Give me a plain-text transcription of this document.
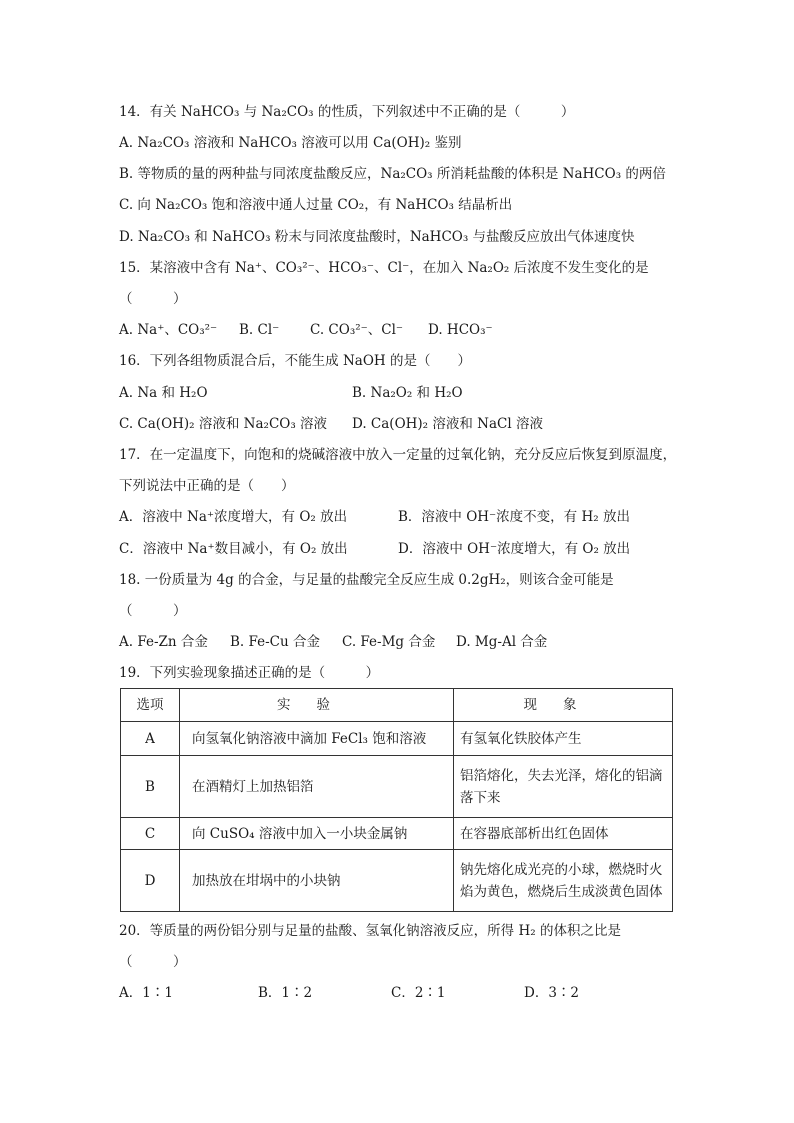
14．有关 NaHCO₃ 与 Na₂CO₃ 的性质，下列叙述中不正确的是（　　　）
A. Na₂CO₃ 溶液和 NaHCO₃ 溶液可以用 Ca(OH)₂ 鉴别
B. 等物质的量的两种盐与同浓度盐酸反应，Na₂CO₃ 所消耗盐酸的体积是 NaHCO₃ 的两倍
C. 向 Na₂CO₃ 饱和溶液中通人过量 CO₂，有 NaHCO₃ 结晶析出
D. Na₂CO₃ 和 NaHCO₃ 粉末与同浓度盐酸时，NaHCO₃ 与盐酸反应放出气体速度快
15．某溶液中含有 Na⁺、CO₃²⁻、HCO₃⁻、Cl⁻，在加入 Na₂O₂ 后浓度不发生变化的是
（　　　）
A. Na⁺、CO₃²⁻ B. Cl⁻ C. CO₃²⁻、Cl⁻ D. HCO₃⁻
16．下列各组物质混合后，不能生成 NaOH 的是（　　）
A. Na 和 H₂O	B. Na₂O₂ 和 H₂O
C. Ca(OH)₂ 溶液和 Na₂CO₃ 溶液 D. Ca(OH)₂ 溶液和 NaCl 溶液
17．在一定温度下，向饱和的烧碱溶液中放入一定量的过氧化钠，充分反应后恢复到原温度，
下列说法中正确的是（　　）
A．溶液中 Na⁺浓度增大，有 O₂ 放出	B．溶液中 OH⁻浓度不变，有 H₂ 放出
C．溶液中 Na⁺数目减小，有 O₂ 放出	D．溶液中 OH⁻浓度增大，有 O₂ 放出
18. 一份质量为 4g 的合金，与足量的盐酸完全反应生成 0.2gH₂，则该合金可能是
（　　　）
A. Fe-Zn 合金 B. Fe-Cu 合金 C. Fe-Mg 合金 D. Mg-Al 合金
19．下列实验现象描述正确的是（　　　）
选项	实验	现象
A	向氢氧化钠溶液中滴加 FeCl₃ 饱和溶液	有氢氧化铁胶体产生
B	在酒精灯上加热铝箔	铝箔熔化，失去光泽，熔化的铝滴落下来
C	向 CuSO₄ 溶液中加入一小块金属钠	在容器底部析出红色固体
D	加热放在坩埚中的小块钠	钠先熔化成光亮的小球，燃烧时火焰为黄色，燃烧后生成淡黄色固体
20．等质量的两份铝分别与足量的盐酸、氢氧化钠溶液反应，所得 H₂ 的体积之比是
（　　　）
A．1∶1	B．1∶2	C．2∶1	D．3∶2
